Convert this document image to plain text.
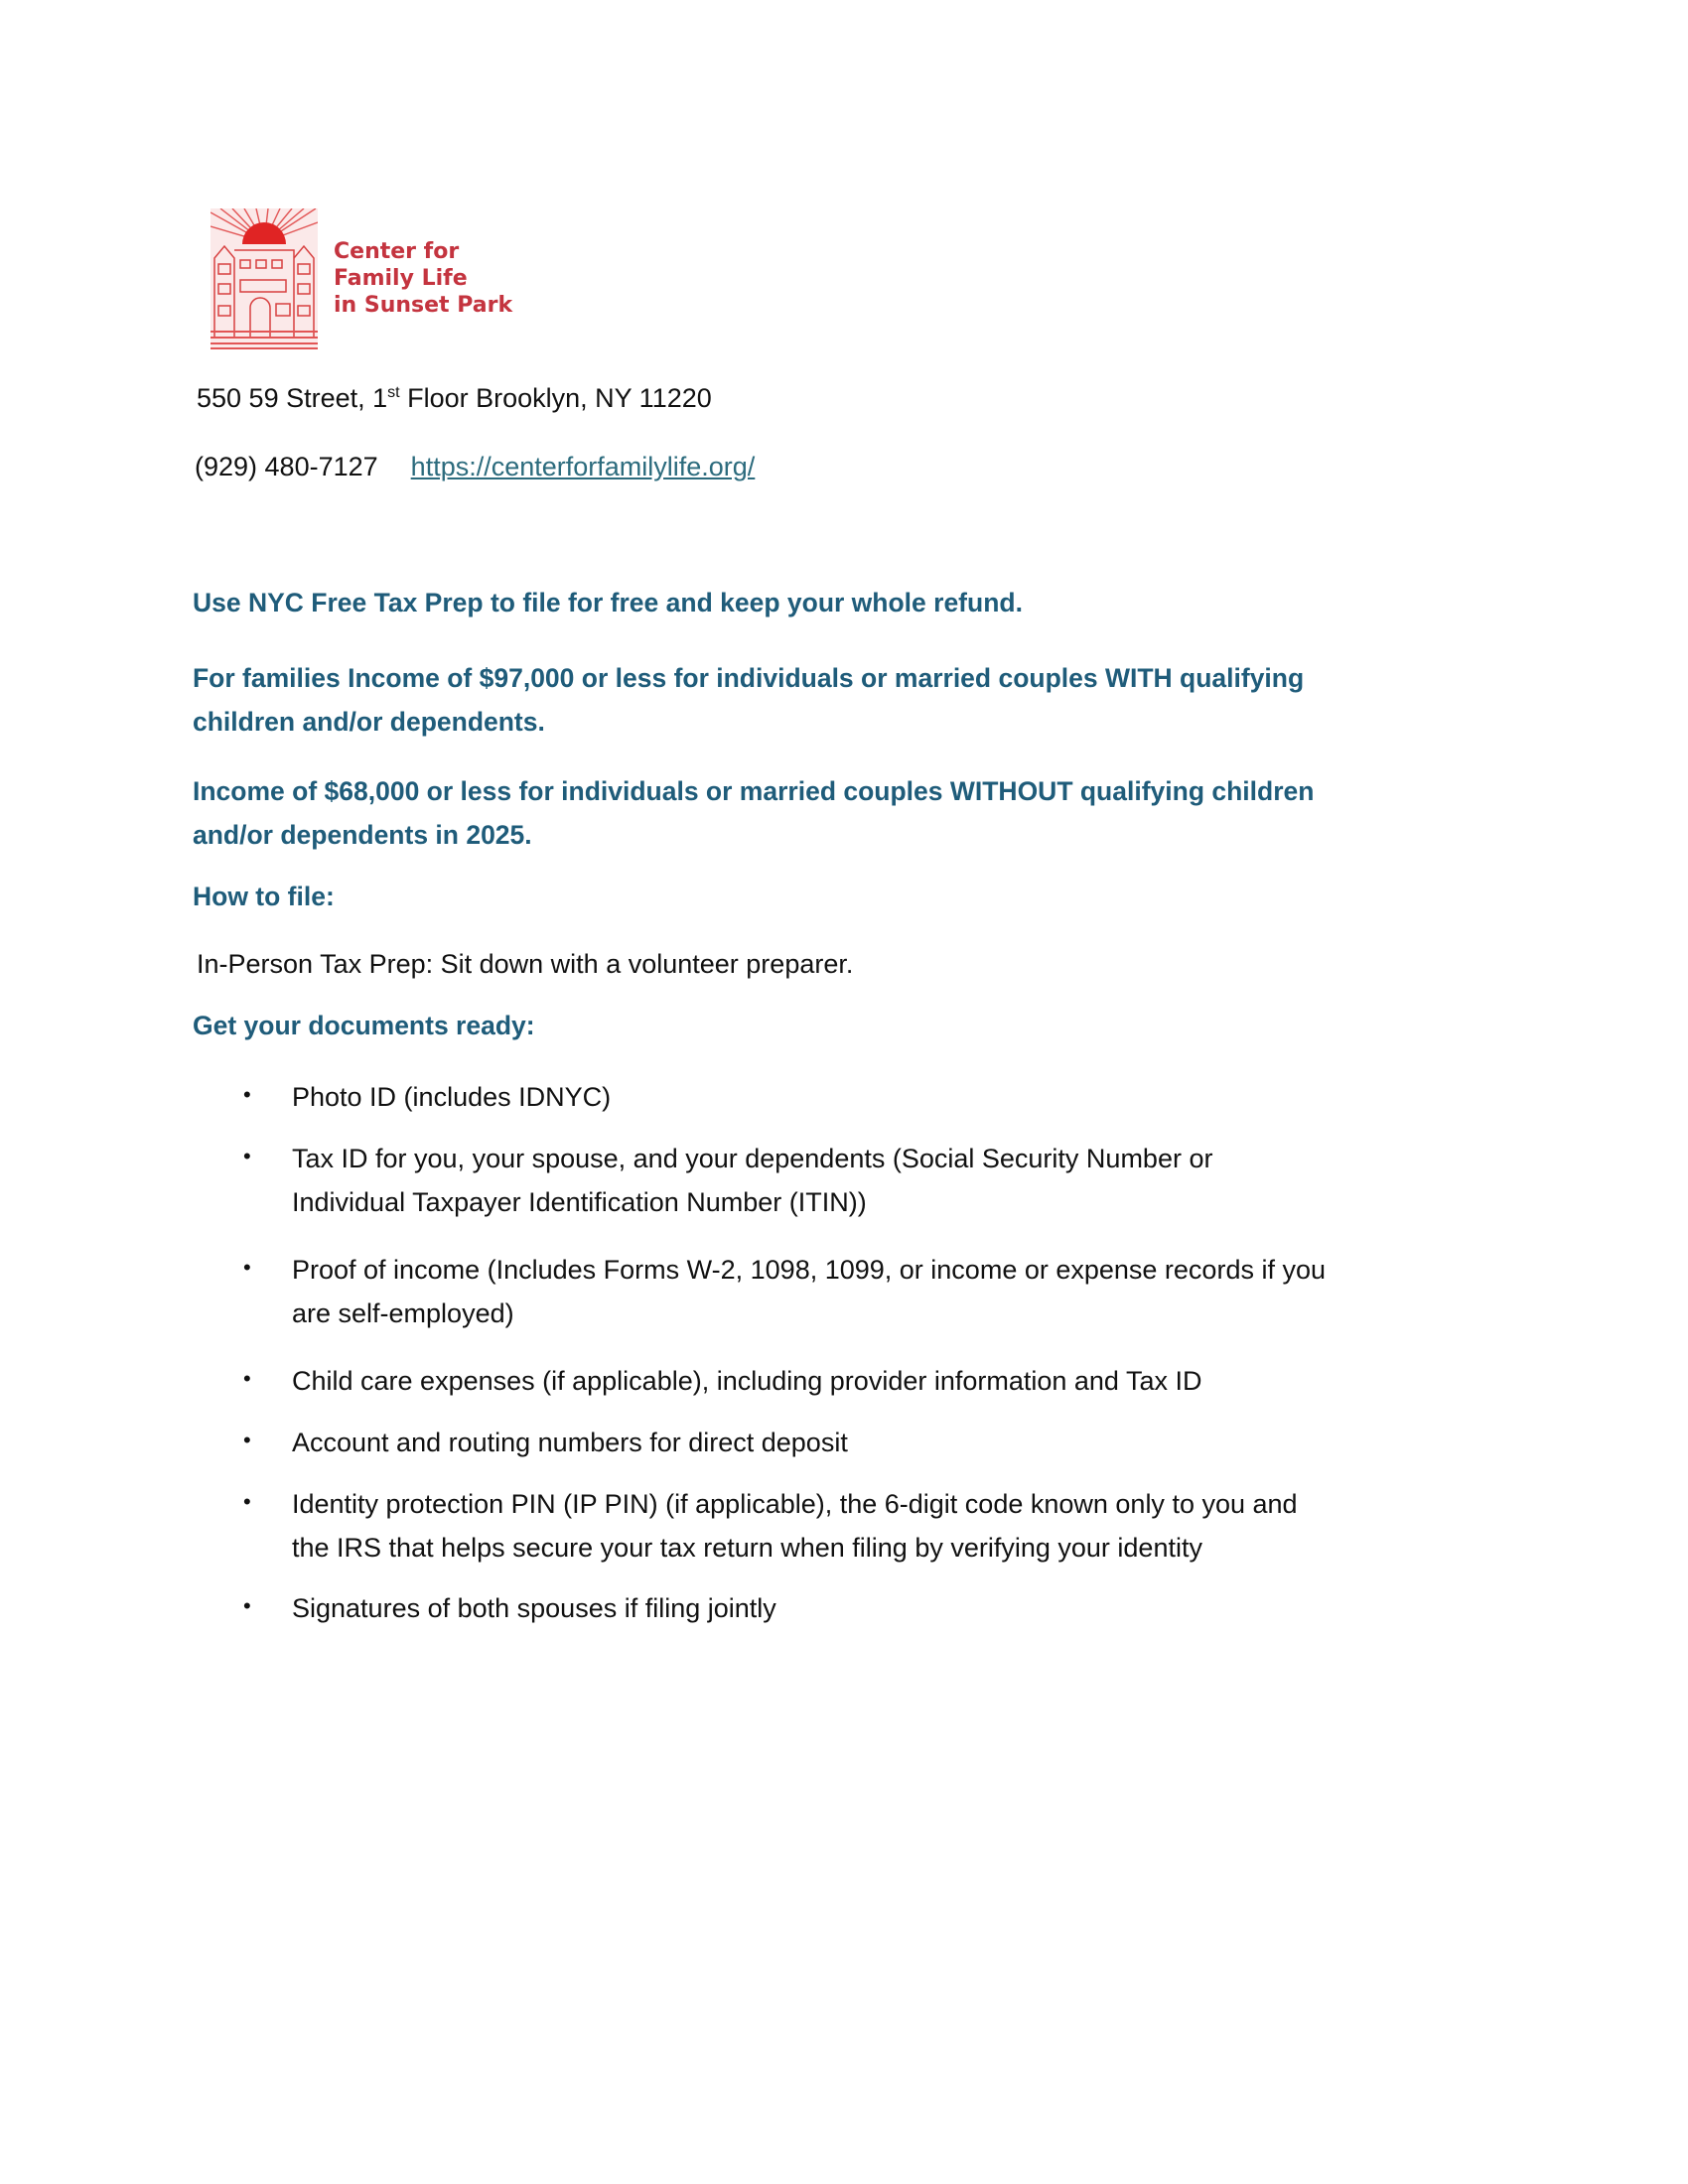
Center for
Family Life
in Sunset Park
550 59 Street, 1st Floor Brooklyn, NY 11220
(929) 480-7127 https://centerforfamilylife.org/
Use NYC Free Tax Prep to file for free and keep your whole refund.
For families Income of $97,000 or less for individuals or married couples WITH qualifying
children and/or dependents.
Income of $68,000 or less for individuals or married couples WITHOUT qualifying children
and/or dependents in 2025.
How to file:
In-Person Tax Prep: Sit down with a volunteer preparer.
Get your documents ready:
• Photo ID (includes IDNYC)
• Tax ID for you, your spouse, and your dependents (Social Security Number or
Individual Taxpayer Identification Number (ITIN))
• Proof of income (Includes Forms W-2, 1098, 1099, or income or expense records if you
are self-employed)
• Child care expenses (if applicable), including provider information and Tax ID
• Account and routing numbers for direct deposit
• Identity protection PIN (IP PIN) (if applicable), the 6-digit code known only to you and
the IRS that helps secure your tax return when filing by verifying your identity
• Signatures of both spouses if filing jointly
